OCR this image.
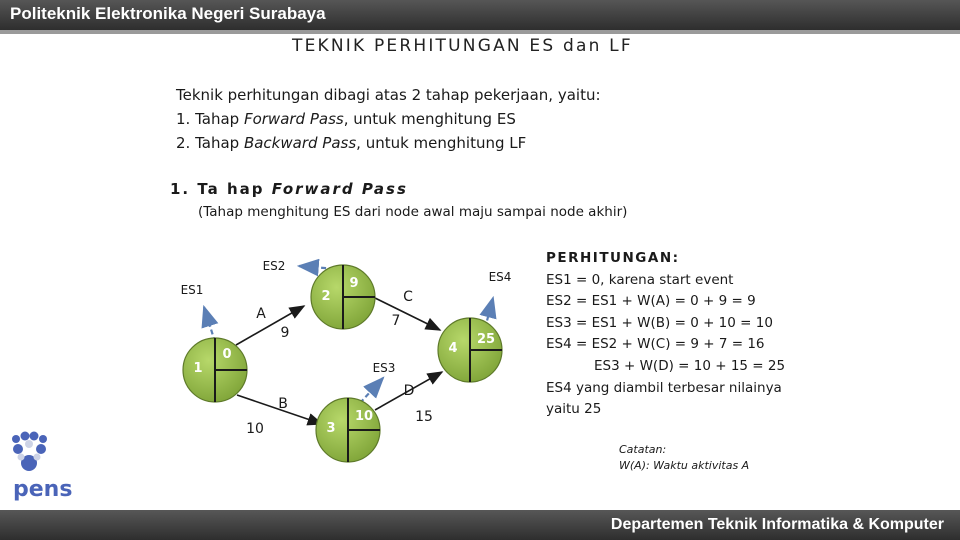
Politeknik Elektronika Negeri Surabaya
TEKNIK PERHITUNGAN ES dan LF
Teknik perhitungan dibagi atas 2 tahap pekerjaan, yaitu:
1. Tahap Forward Pass, untuk menghitung ES
2. Tahap Backward Pass, untuk menghitung LF
1. Ta hap Forward Pass
(Tahap menghitung ES dari node awal maju sampai node akhir)
1
0
2
9
3
10
4
25
ES1
ES2
ES3
ES4
A
9
B
10
C
7
D
15
PERHITUNGAN:
ES1 = 0, karena start event
ES2 = ES1 + W(A) = 0 + 9 = 9
ES3 = ES1 + W(B) = 0 + 10 = 10
ES4 = ES2 + W(C) = 9 + 7 = 16
ES3 + W(D) = 10 + 15 = 25
ES4 yang diambil terbesar nilainya
yaitu 25
Catatan:
W(A): Waktu aktivitas A
pens
Departemen Teknik Informatika & Komputer
